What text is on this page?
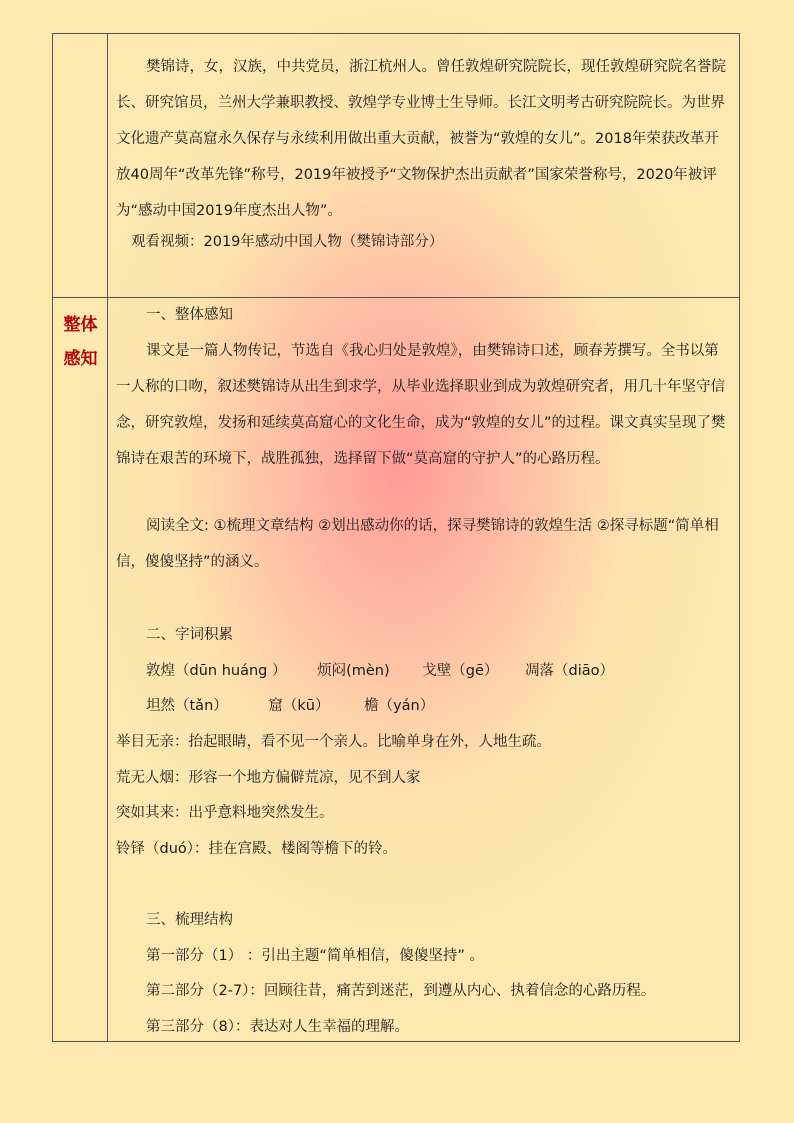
樊锦诗，女，汉族，中共党员，浙江杭州人。曾任敦煌研究院院长，现任敦煌研究院名誉院长、研究馆员，兰州大学兼职教授、敦煌学专业博士生导师。长江文明考古研究院院长。为世界文化遗产莫高窟永久保存与永续利用做出重大贡献，被誉为“敦煌的女儿”。2018年荣获改革开放40周年“改革先锋”称号，2019年被授予“文物保护杰出贡献者”国家荣誉称号，2020年被评为“感动中国2019年度杰出人物”。

观看视频：2019年感动中国人物（樊锦诗部分）

整体
感知

一、整体感知

课文是一篇人物传记，节选自《我心归处是敦煌》，由樊锦诗口述，顾春芳撰写。全书以第一人称的口吻，叙述樊锦诗从出生到求学，从毕业选择职业到成为敦煌研究者，用几十年坚守信念，研究敦煌，发扬和延续莫高窟心的文化生命，成为“敦煌的女儿”的过程。课文真实呈现了樊锦诗在艰苦的环境下，战胜孤独，选择留下做“莫高窟的守护人”的心路历程。

阅读全文: ①梳理文章结构 ②划出感动你的话，探寻樊锦诗的敦煌生活 ②探寻标题“简单相 信，傻傻坚持”的涵义。

二、字词积累

敦煌（dūn huáng ） 烦闷(mèn) 戈壁（gē） 凋落（diāo）

坦然（tǎn）	窟（kū） 檐（yán）

举目无亲：抬起眼睛，看不见一个亲人。比喻单身在外，人地生疏。

荒无人烟：形容一个地方偏僻荒凉，见不到人家

突如其来：出乎意料地突然发生。

铃铎（duó）：挂在宫殿、楼阁等檐下的铃。

三、梳理结构

第一部分（1） ：引出主题“简单相信，傻傻坚持” 。

第二部分（2-7）：回顾往昔，痛苦到迷茫，到遵从内心、执着信念的心路历程。

第三部分（8）：表达对人生幸福的理解。
